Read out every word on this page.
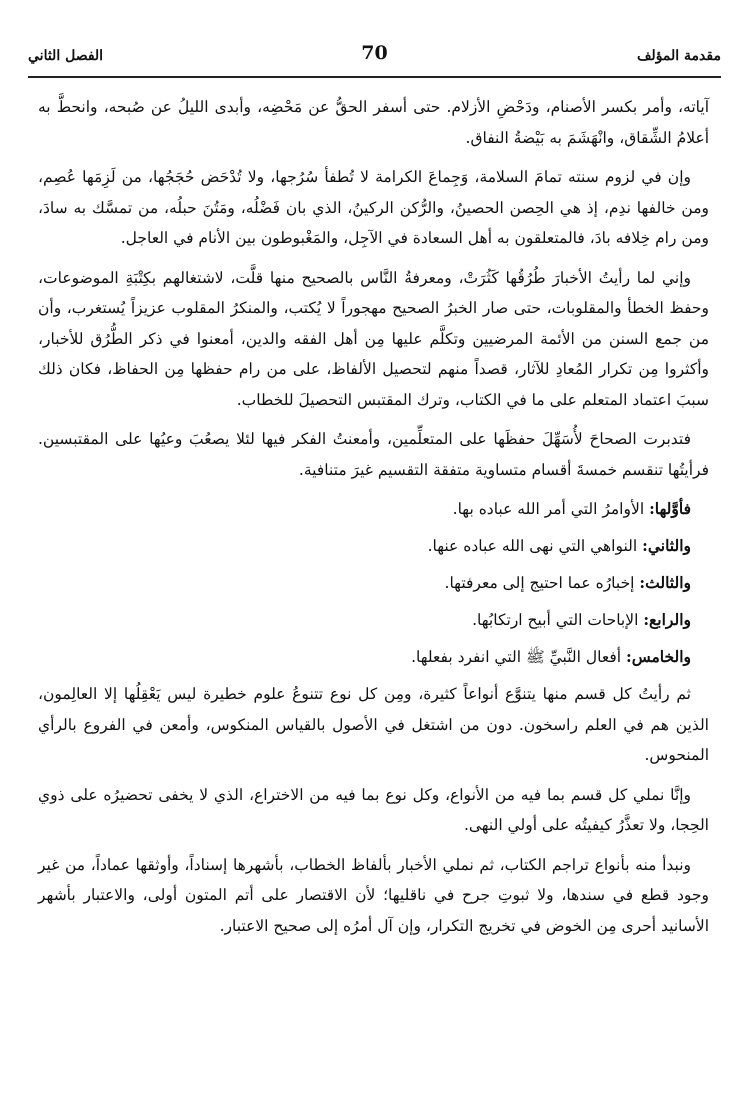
مقدمة المؤلف
70
الفصل الثاني

آياته، وأمر بكسر الأصنام، ودَحْضِ الأزلام. حتى أسفر الحقُّ عن مَحْضِه، وأبدى الليلُ عن صُبحه، وانحطَّ به أعلامُ الشِّقاق، وانْهَشَمَ به بَيْضةُ النفاق.

وإن في لزوم سنته تمامَ السلامة، وَجِماعَ الكرامة لا تُطفأ سُرُجها، ولا تُدْحَض حُجَجُها، من لَزِمَها عُصِم، ومن خالفها ندِم، إذ هي الحِصن الحصينُ، والرُّكن الركينُ، الذي بان فَضْلُه، ومَتُنَ حبلُه، من تمسَّك به سادَ، ومن رام خِلافه بادَ، فالمتعلقون به أهل السعادة في الآجِل، والمَغْبوطون بين الأنام في العاجل.

وإني لما رأيتُ الأخبارَ طُرُقُها كَثُرَتْ، ومعرفةُ النَّاس بالصحيح منها قلَّت، لاشتغالهم بكِتْبَةِ الموضوعات، وحفظ الخطأ والمقلوبات، حتى صار الخبرُ الصحيح مهجوراً لا يُكتب، والمنكرُ المقلوب عزيزاً يُستغرب، وأن من جمع السنن من الأئمة المرضيين وتكلَّم عليها مِن أهل الفقه والدين، أمعنوا في ذكر الطُّرُق للأخبار، وأكثروا مِن تكرار المُعادِ للآثار، قصداً منهم لتحصيل الألفاظ، على من رام حفظها مِن الحفاظ، فكان ذلك سببَ اعتماد المتعلم على ما في الكتاب، وترك المقتبس التحصيلَ للخطاب.

فتدبرت الصحاحَ لأُسَهِّلَ حفظَها على المتعلِّمين، وأمعنتُ الفكر فيها لئلا يصعُبَ وعيُها على المقتبسين. فرأيتُها تنقسم خمسةَ أقسام متساوية متفقة التقسيم غيرَ متنافية.

فأوَّلها: الأوامرُ التي أمر الله عباده بها.
والثاني: النواهي التي نهى الله عباده عنها.
والثالث: إخبارُه عما احتيج إلى معرفتها.
والرابع: الإباحات التي أبيح ارتكابُها.
والخامس: أفعال النَّبيِّ ﷺ التي انفرد بفعلها.

ثم رأيتُ كل قسم منها يتنوَّع أنواعاً كثيرة، ومِن كل نوع تتنوعُ علوم خطيرة ليس يَعْقِلُها إلا العالِمون، الذين هم في العلم راسخون. دون من اشتغل في الأصول بالقياس المنكوس، وأمعن في الفروع بالرأي المنحوس.

وإنَّا نملي كل قسم بما فيه من الأنواع، وكل نوع بما فيه من الاختراع، الذي لا يخفى تحضيرُه على ذوي الحِجا، ولا تعذَّرُ كيفيتُه على أولي النهى.

ونبدأ منه بأنواع تراجم الكتاب، ثم نملي الأخبار بألفاظ الخطاب، بأشهرها إسناداً، وأوثقها عماداً، من غير وجود قطع في سندها، ولا ثبوتِ جرح في ناقليها؛ لأن الاقتصار على أتم المتون أولى، والاعتبار بأشهر الأسانيد أحرى مِن الخوض في تخريج التكرار، وإن آل أمرُه إلى صحيح الاعتبار.
